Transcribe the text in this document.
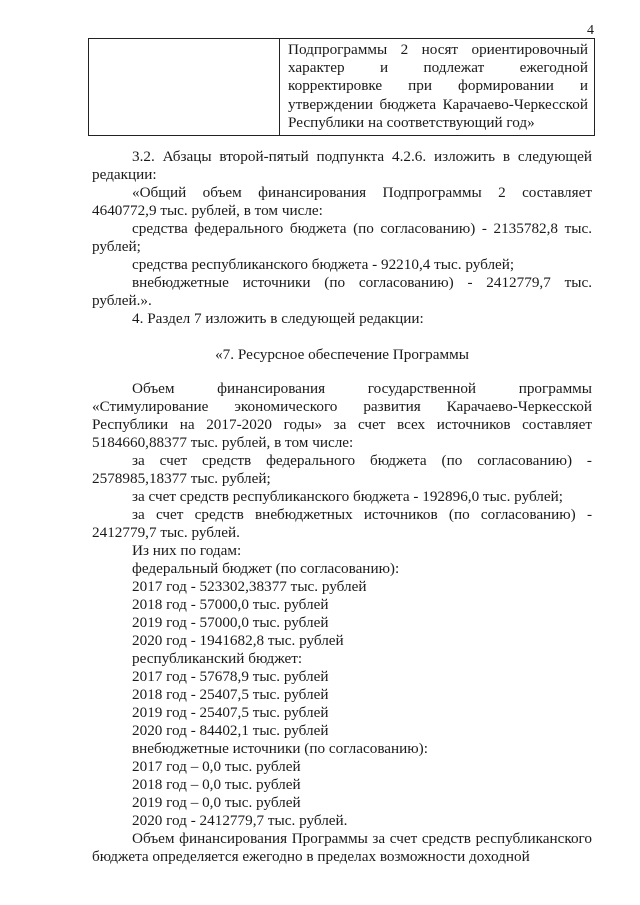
4
Подпрограммы 2 носят ориентировочный характер и подлежат ежегодной корректировке при формировании и утверждении бюджета Карачаево-Черкесской Республики на соответствующий год»

3.2. Абзацы второй-пятый подпункта 4.2.6. изложить в следующей редакции:

«Общий объем финансирования Подпрограммы 2 составляет 4640772,9 тыс. рублей, в том числе:

средства федерального бюджета (по согласованию) - 2135782,8 тыс. рублей;

средства республиканского бюджета - 92210,4 тыс. рублей;

внебюджетные источники (по согласованию) - 2412779,7 тыс. рублей.».

4. Раздел 7 изложить в следующей редакции:

«7. Ресурсное обеспечение Программы

Объем финансирования государственной программы «Стимулирование экономического развития Карачаево-Черкесской Республики на 2017-2020 годы» за счет всех источников составляет 5184660,88377 тыс. рублей, в том числе:

за счет средств федерального бюджета (по согласованию) - 2578985,18377 тыс. рублей;

за счет средств республиканского бюджета - 192896,0 тыс. рублей;

за счет средств внебюджетных источников (по согласованию) - 2412779,7 тыс. рублей.

Из них по годам:

федеральный бюджет (по согласованию):

2017 год - 523302,38377 тыс. рублей

2018 год - 57000,0 тыс. рублей

2019 год - 57000,0 тыс. рублей

2020 год - 1941682,8 тыс. рублей

республиканский бюджет:

2017 год - 57678,9 тыс. рублей

2018 год - 25407,5 тыс. рублей

2019 год - 25407,5 тыс. рублей

2020 год - 84402,1 тыс. рублей

внебюджетные источники (по согласованию):

2017 год – 0,0 тыс. рублей

2018 год – 0,0 тыс. рублей

2019 год – 0,0 тыс. рублей

2020 год - 2412779,7 тыс. рублей.

Объем финансирования Программы за счет средств республиканского бюджета определяется ежегодно в пределах возможности доходной
